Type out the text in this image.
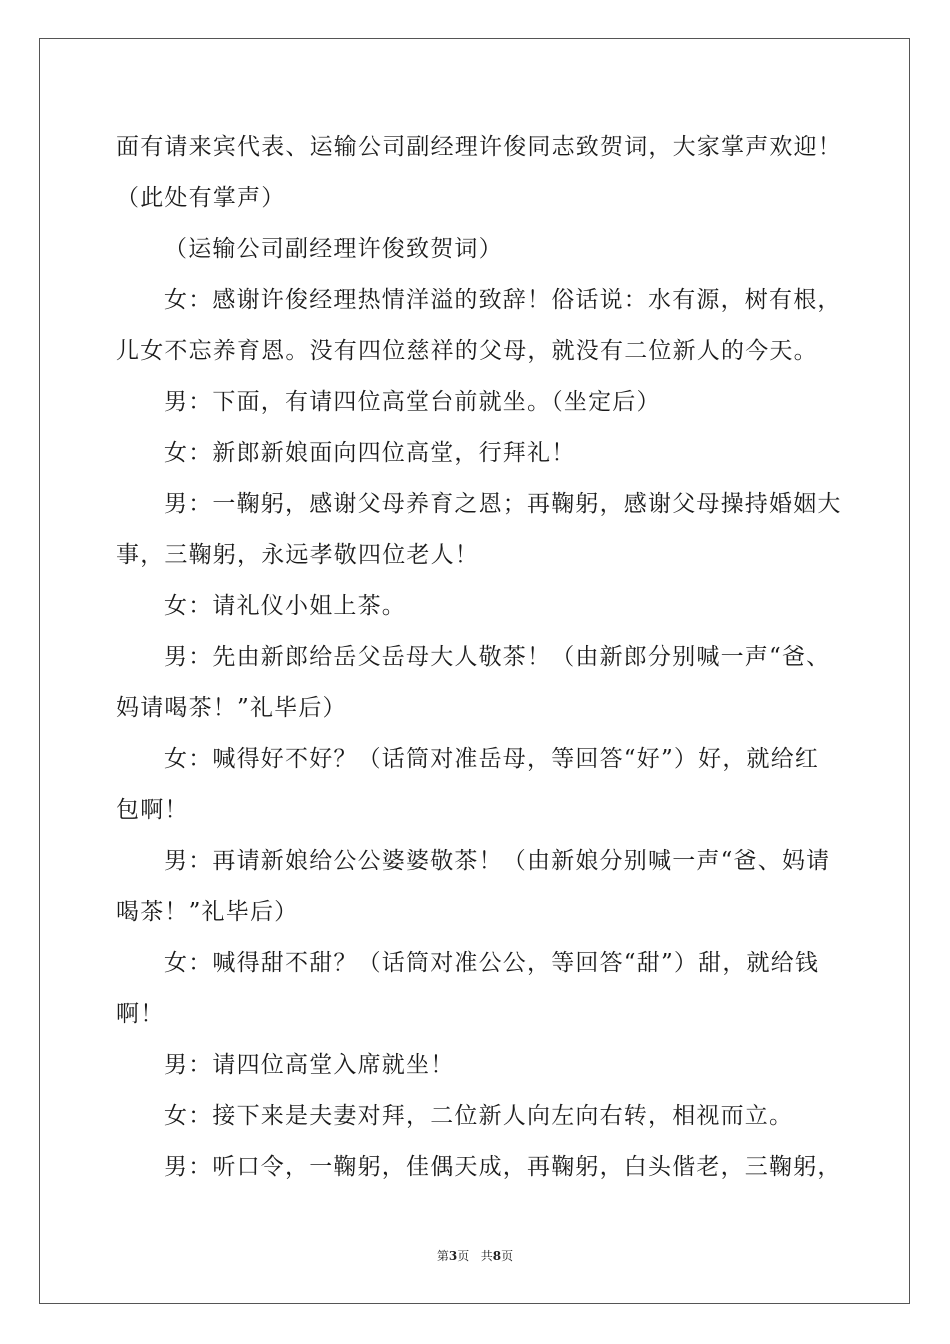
面有请来宾代表、运输公司副经理许俊同志致贺词，大家掌声欢迎！
（此处有掌声）
（运输公司副经理许俊致贺词）
女：感谢许俊经理热情洋溢的致辞！俗话说：水有源，树有根，
儿女不忘养育恩。没有四位慈祥的父母，就没有二位新人的今天。
男：下面，有请四位高堂台前就坐。（坐定后）
女：新郎新娘面向四位高堂，行拜礼！
男：一鞠躬，感谢父母养育之恩；再鞠躬，感谢父母操持婚姻大
事，三鞠躬，永远孝敬四位老人！
女：请礼仪小姐上茶。
男：先由新郎给岳父岳母大人敬茶！（由新郎分别喊一声“爸、
妈请喝茶！”礼毕后）
女：喊得好不好？（话筒对准岳母，等回答“好”）好，就给红
包啊！
男：再请新娘给公公婆婆敬茶！（由新娘分别喊一声“爸、妈请
喝茶！”礼毕后）
女：喊得甜不甜？（话筒对准公公，等回答“甜”）甜，就给钱
啊！
男：请四位高堂入席就坐！
女：接下来是夫妻对拜，二位新人向左向右转，相视而立。
男：听口令，一鞠躬，佳偶天成，再鞠躬，白头偕老，三鞠躬，
第3页 共8页
